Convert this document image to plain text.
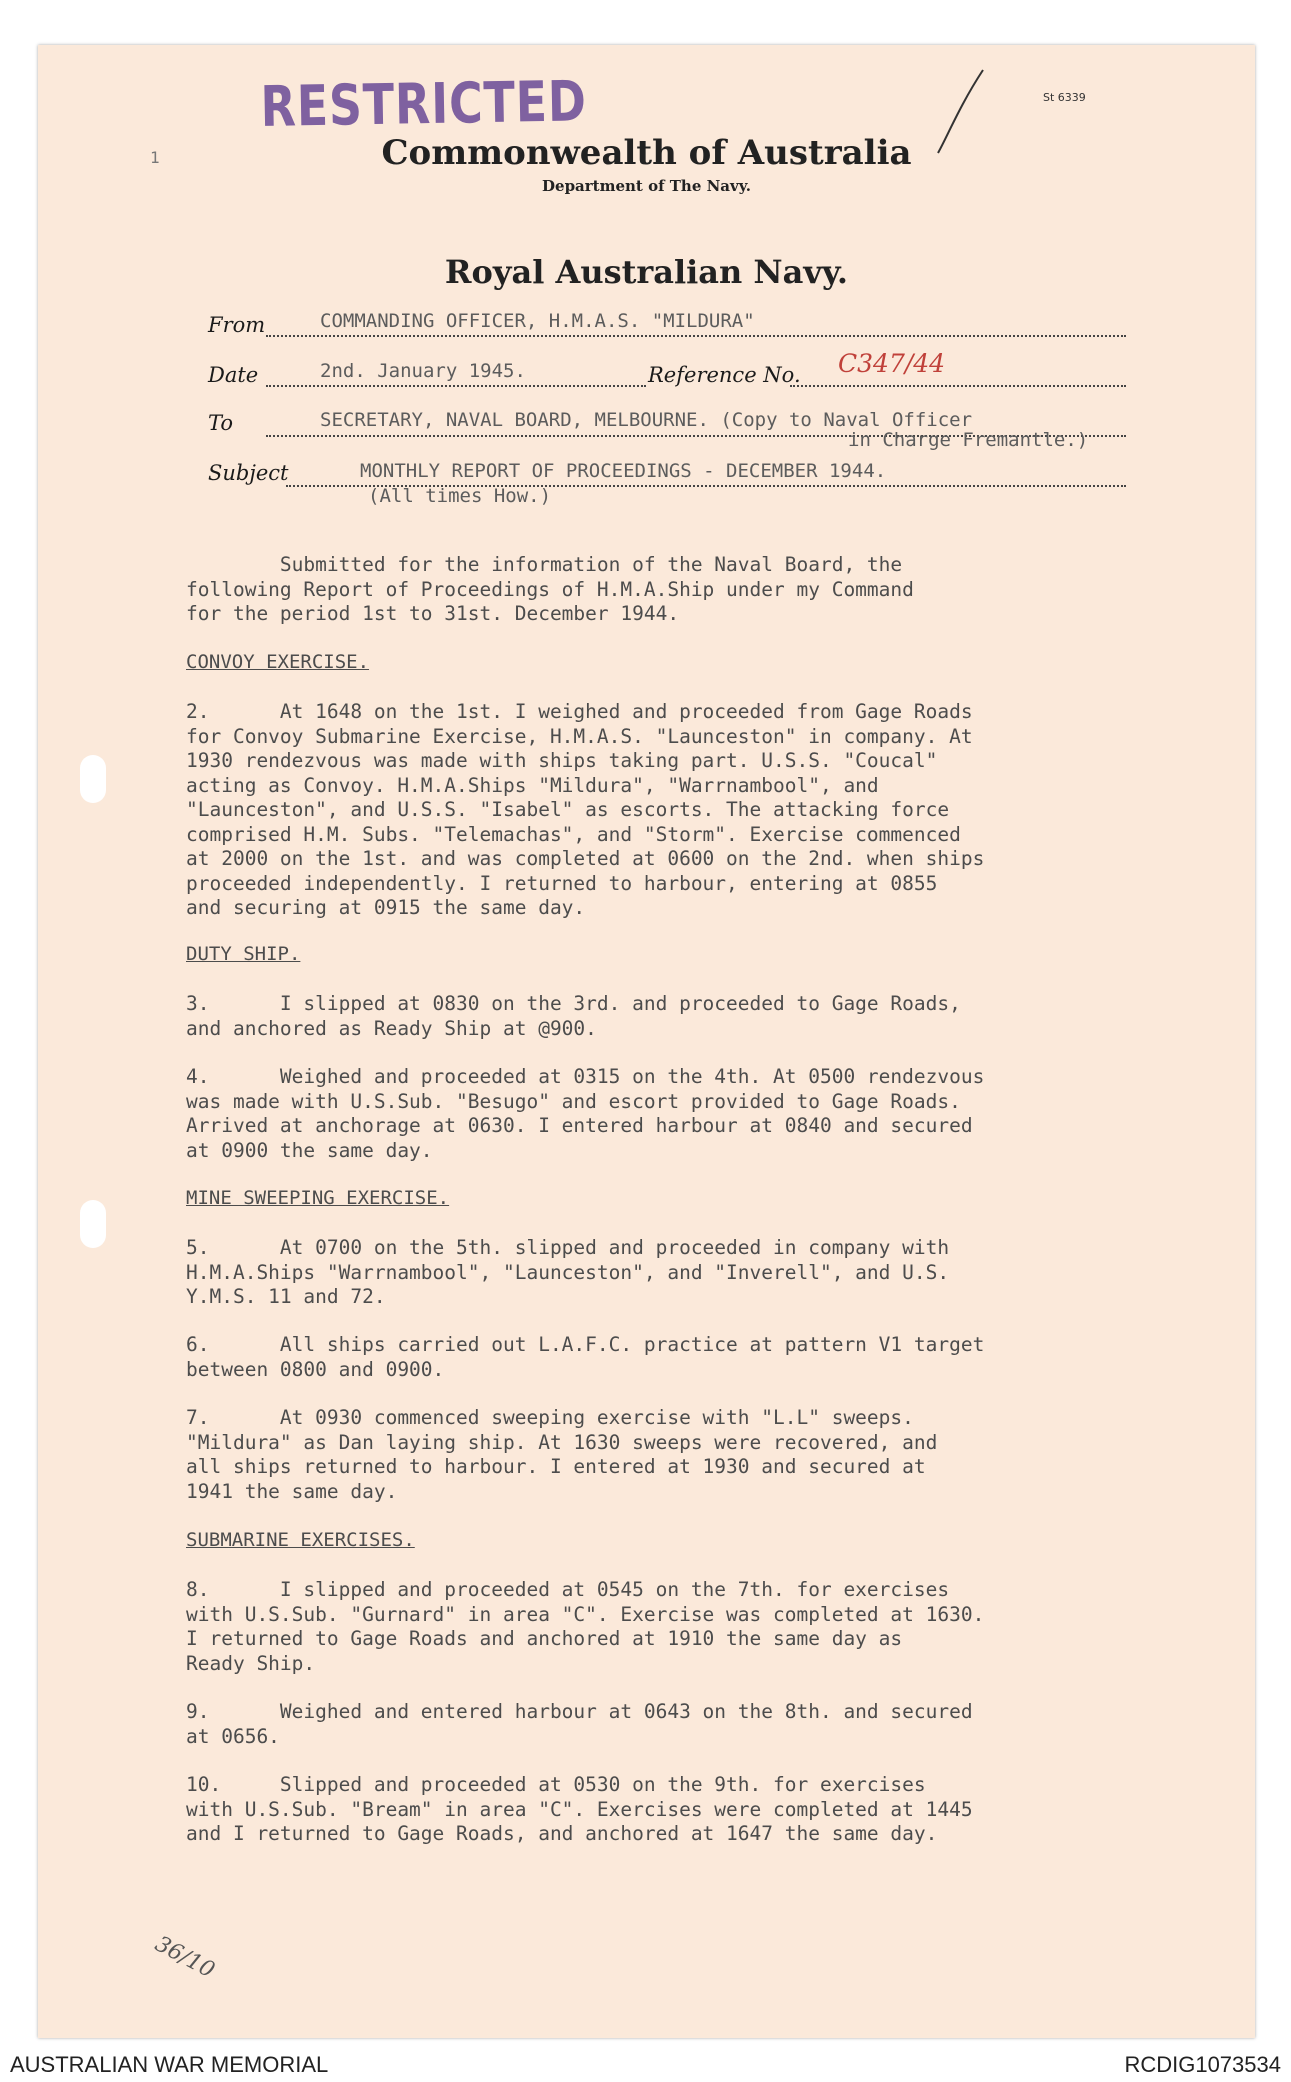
RESTRICTED	St 6339
1	Commonwealth of Australia
Department of The Navy.
Royal Australian Navy.
From	COMMANDING OFFICER, H.M.A.S. "MILDURA"
Date	2nd. January 1945.	Reference No. C347/44
To	SECRETARY, NAVAL BOARD, MELBOURNE. (Copy to Naval Officer
in Charge Fremantle.)
Subject	MONTHLY REPORT OF PROCEEDINGS - DECEMBER 1944.
(All times How.)
Submitted for the information of the Naval Board, the
following Report of Proceedings of H.M.A.Ship under my Command
for the period 1st to 31st. December 1944.
CONVOY EXERCISE.
2.      At 1648 on the 1st. I weighed and proceeded from Gage Roads
for Convoy Submarine Exercise, H.M.A.S. "Launceston" in company. At
1930 rendezvous was made with ships taking part. U.S.S. "Coucal"
acting as Convoy. H.M.A.Ships "Mildura", "Warrnambool", and
"Launceston", and U.S.S. "Isabel" as escorts. The attacking force
comprised H.M. Subs. "Telemachas", and "Storm". Exercise commenced
at 2000 on the 1st. and was completed at 0600 on the 2nd. when ships
proceeded independently. I returned to harbour, entering at 0855
and securing at 0915 the same day.
DUTY SHIP.
3.      I slipped at 0830 on the 3rd. and proceeded to Gage Roads,
and anchored as Ready Ship at @900.
4.      Weighed and proceeded at 0315 on the 4th. At 0500 rendezvous
was made with U.S.Sub. "Besugo" and escort provided to Gage Roads.
Arrived at anchorage at 0630. I entered harbour at 0840 and secured
at 0900 the same day.
MINE SWEEPING EXERCISE.
5.      At 0700 on the 5th. slipped and proceeded in company with
H.M.A.Ships "Warrnambool", "Launceston", and "Inverell", and U.S.
Y.M.S. 11 and 72.
6.      All ships carried out L.A.F.C. practice at pattern V1 target
between 0800 and 0900.
7.      At 0930 commenced sweeping exercise with "L.L" sweeps.
"Mildura" as Dan laying ship. At 1630 sweeps were recovered, and
all ships returned to harbour. I entered at 1930 and secured at
1941 the same day.
SUBMARINE EXERCISES.
8.      I slipped and proceeded at 0545 on the 7th. for exercises
with U.S.Sub. "Gurnard" in area "C". Exercise was completed at 1630.
I returned to Gage Roads and anchored at 1910 the same day as
Ready Ship.
9.      Weighed and entered harbour at 0643 on the 8th. and secured
at 0656.
10.     Slipped and proceeded at 0530 on the 9th. for exercises
with U.S.Sub. "Bream" in area "C". Exercises were completed at 1445
and I returned to Gage Roads, and anchored at 1647 the same day.
36/10
AUSTRALIAN WAR MEMORIAL	RCDIG1073534
